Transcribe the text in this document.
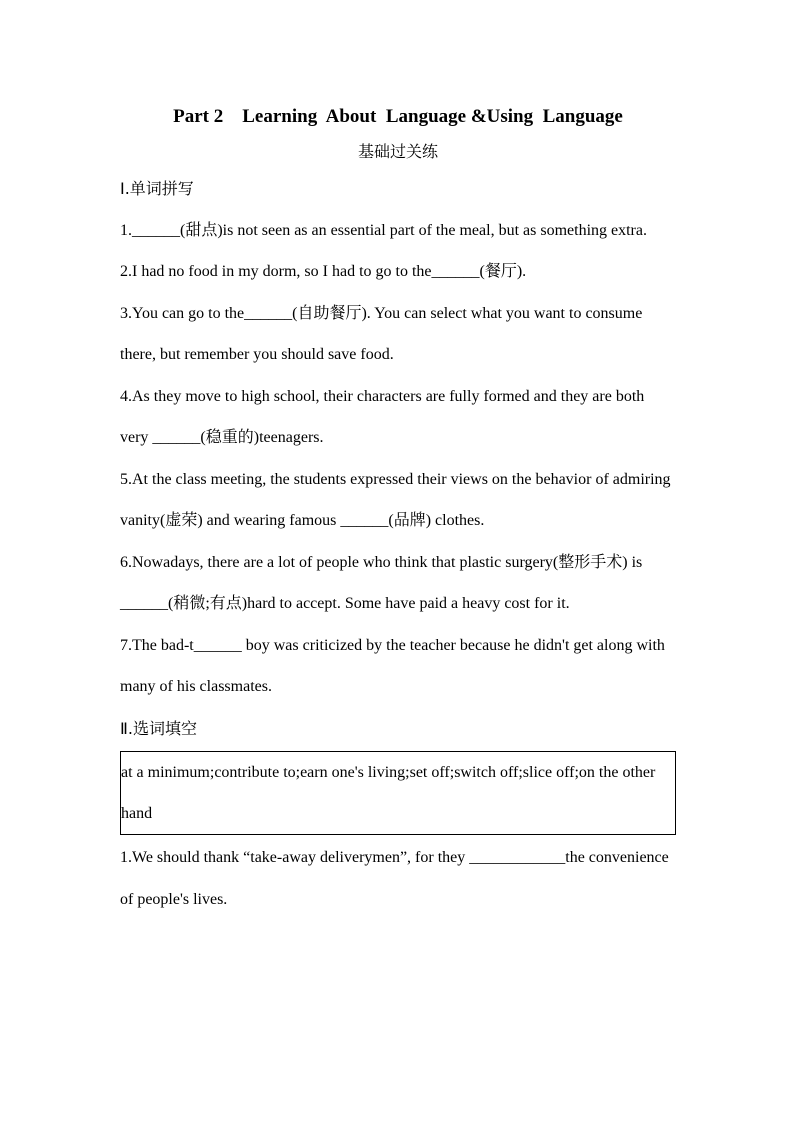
Part 2    Learning  About  Language &Using  Language

基础过关练

Ⅰ.单词拼写

1.______(甜点)is not seen as an essential part of the meal, but as something extra.

2.I had no food in my dorm, so I had to go to the______(餐厅).

3.You can go to the______(自助餐厅). You can select what you want to consume there, but remember you should save food.

4.As they move to high school, their characters are fully formed and they are both very ______(稳重的)teenagers.

5.At the class meeting, the students expressed their views on the behavior of admiring vanity(虚荣) and wearing famous ______(品牌) clothes.

6.Nowadays, there are a lot of people who think that plastic surgery(整形手术) is ______(稍微;有点)hard to accept. Some have paid a heavy cost for it.

7.The bad-t______ boy was criticized by the teacher because he didn't get along with many of his classmates.

Ⅱ.选词填空

at a minimum;contribute to;earn one's living;set off;switch off;slice off;on the other hand

1.We should thank “take-away deliverymen”, for they ____________the convenience of people's lives.
